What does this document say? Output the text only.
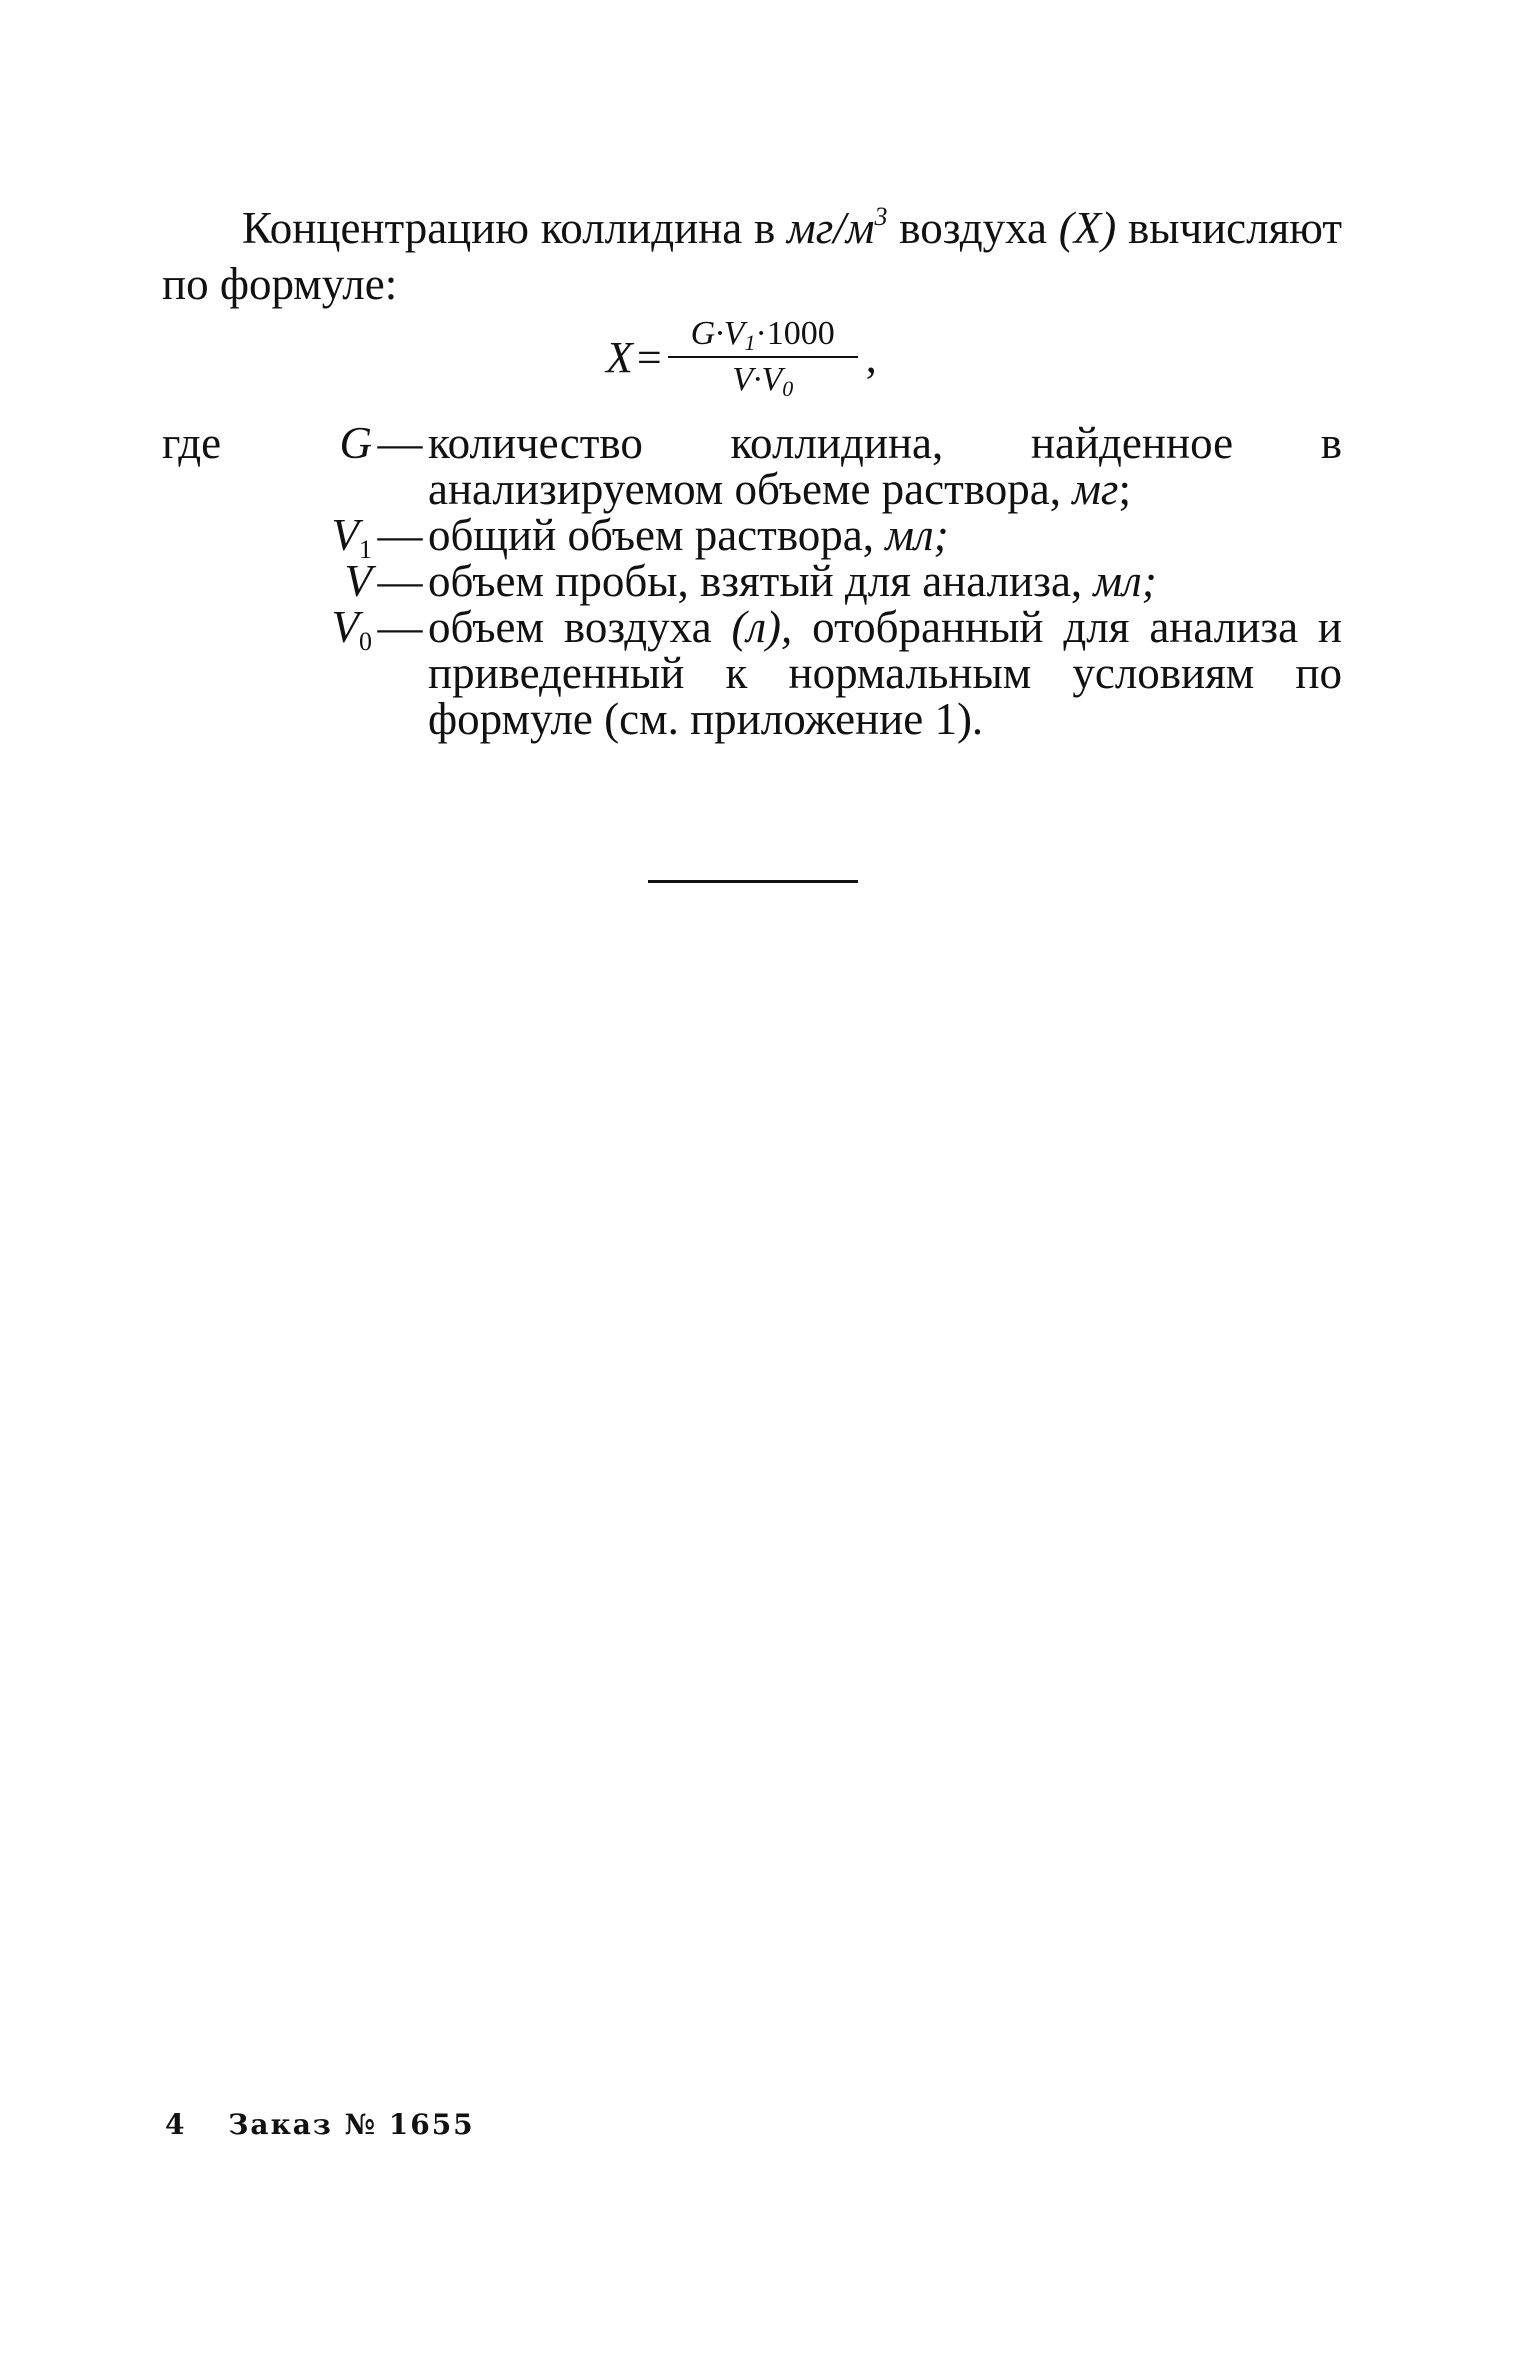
Концентрацию коллидина в $мг/м^3$ воздуха (X) вычисляют по формуле:
$X = \frac{G\cdot V_1\cdot 1000}{V\cdot V_0}$ ,
где	G — количество коллидина, найденное в анализируемом объеме раствора, мг;
$V_1$ — общий объем раствора, мл;
V — объем пробы, взятый для анализа, мл;
$V_0$ — объем воздуха (л), отобранный для анализа и приведенный к нормальным условиям по формуле (см. приложение 1).
4 Заказ № 1655
